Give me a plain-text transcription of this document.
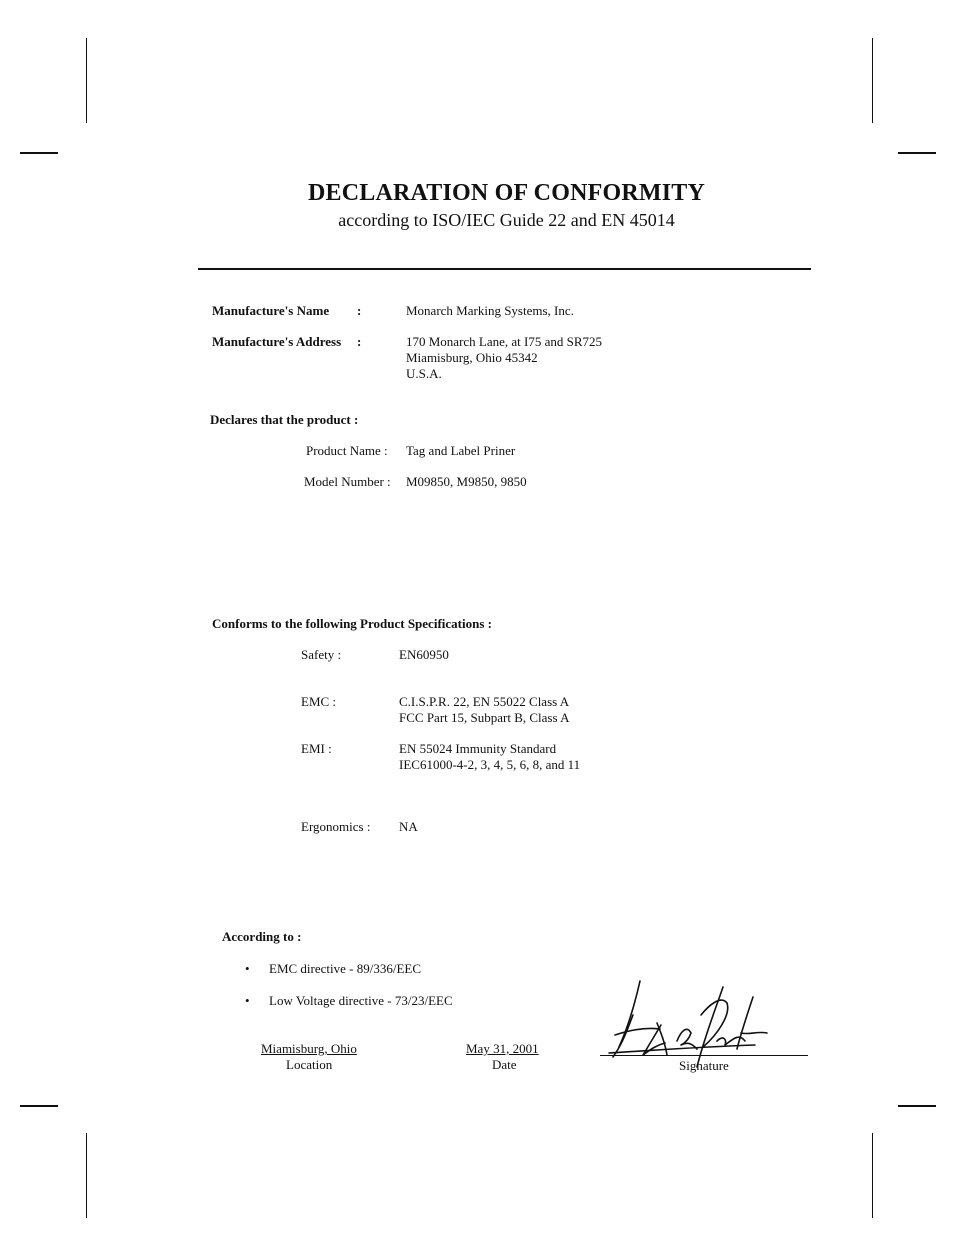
DECLARATION OF CONFORMITY
according to ISO/IEC Guide 22 and EN 45014
Manufacture's Name :	Monarch Marking Systems, Inc.
Manufacture's Address :	170 Monarch Lane, at I75 and SR725
Miamisburg, Ohio 45342
U.S.A.
Declares that the product :
Product Name : Tag and Label Priner
Model Number : M09850, M9850, 9850
Conforms to the following Product Specifications :
Safety :	EN60950
EMC :	C.I.S.P.R. 22, EN 55022 Class A
FCC Part 15, Subpart B, Class A
EMI :	EN 55024 Immunity Standard
IEC61000-4-2, 3, 4, 5, 6, 8, and 11
Ergonomics : NA
According to :
• EMC directive - 89/336/EEC
• Low Voltage directive - 73/23/EEC
Miamisburg, Ohio
Location
May 31, 2001
Date	Signature
